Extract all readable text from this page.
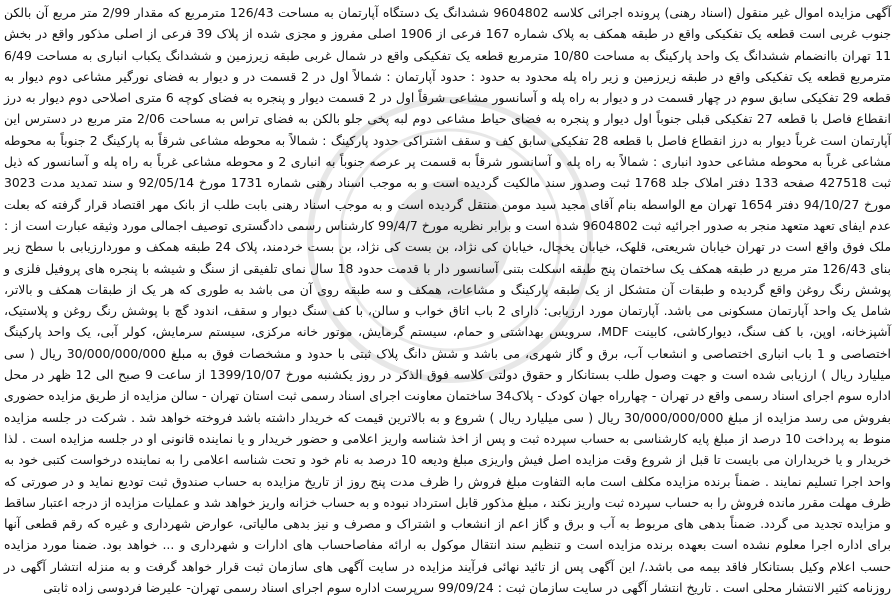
آگهی مزایده اموال غیر منقول (اسناد رهنی) پرونده اجرائی کلاسه 9604802 ششدانگ یک دستگاه آپارتمان به مساحت 126/43 مترمربع که مقدار 2/99 متر مربع آن بالکن جنوب غربی است قطعه یک تفکیکی واقع در طبقه همکف به پلاک شماره 167 فرعی از 1906 اصلی مفروز و مجزی شده از پلاک 39 فرعی از اصلی مذکور واقع در بخش 11 تهران باانضمام ششدانگ یک واحد پارکینگ به مساحت 10/80 مترمربع قطعه یک تفکیکی واقع در شمال غربی طبقه زیرزمین و ششدانگ یکباب انباری به مساحت 6/49 مترمربع قطعه یک تفکیکی واقع در طبقه زیرزمین و زیر راه پله محدود به حدود : حدود آپارتمان : شمالاً اول در 2 قسمت در و دیوار به فضای نورگیر مشاعی دوم دیوار به قطعه 29 تفکیکی سابق سوم در چهار قسمت در و دیوار به راه پله و آسانسور مشاعی شرقاً اول در 2 قسمت دیوار و پنجره به فضای کوچه 6 متری اصلاحی دوم دیوار به درز انقطاع فاصل با قطعه 27 تفکیکی قبلی جنوباً اول دیوار و پنجره به فضای حیاط مشاعی دوم لبه پخی جلو بالکن به فضای تراس به مساحت 2/06 متر مربع در دسترس این آپارتمان است غرباً دیوار به درز انقطاع فاصل با قطعه 28 تفکیکی سابق کف و سقف اشتراکی حدود پارکینگ : شمالاً به محوطه مشاعی شرقاً به پارکینگ 2 جنوباً به محوطه مشاعی غرباً به محوطه مشاعی حدود انباری : شمالاً به راه پله و آسانسور شرقاً به قسمت پر عرصه جنوباً به انباری 2 و محوطه مشاعی غرباً به راه پله و آسانسور که ذیل ثبت 427518 صفحه 133 دفتر املاک جلد 1768 ثبت وصدور سند مالکیت گردیده است و به موجب اسناد رهنی شماره 1731 مورخ 92/05/14 و سند تمدید مدت 3023 مورخ 94/10/27 دفتر 1654 تهران مع الواسطه بنام آقای مجید سید مومن منتقل گردیده است و به موجب اسناد رهنی بابت طلب از بانک مهر اقتصاد قرار گرفته که بعلت عدم ایفای تعهد متعهد منجر به صدور اجرائیه ثبت 9604802 شده است و برابر نظریه مورخ 99/4/7 کارشناس رسمی دادگستری توصیف اجمالی مورد وثیقه عبارت است از : ملک فوق واقع است در تهران خیابان شریعتی، قلهک، خیابان یخچال، خیابان کی نژاد، بن بست کی نژاد، بن بست خردمند، پلاک 24 طبقه همکف و موردارزیابی با سطح زیر بنای 126/43 متر مربع در طبقه همکف یک ساختمان پنج طبقه اسکلت بتنی آسانسور دار با قدمت حدود 18 سال نمای تلفیقی از سنگ و شیشه با پنجره های پروفیل فلزی و پوشش رنگ روغن واقع گردیده و طبقات آن متشکل از یک طبقه پارکینگ و مشاعات، همکف و سه طبقه روی آن می باشد به طوری که هر یک از طبقات همکف و بالاتر، شامل یک واحد آپارتمان مسکونی می باشد. آپارتمان مورد ارزیابی: دارای 2 باب اتاق خواب و سالن، با کف سنگ دیوار و سقف، اندود گچ با پوشش رنگ روغن و پلاستیک، آشپزخانه، اوپن، با کف سنگ، دیوارکاشی، کابینت MDF، سرویس بهداشتی و حمام، سیستم گرمایش، موتور خانه مرکزی، سیستم سرمایش، کولر آبی، یک واحد پارکینگ اختصاصی و 1 باب انباری اختصاصی و انشعاب آب، برق و گاز شهری، می باشد و شش دانگ پلاک ثبتی با حدود و مشخصات فوق به مبلغ 30/000/000/000 ریال ( سی میلیارد ریال ) ارزیابی شده است و جهت وصول طلب بستانکار و حقوق دولتی کلاسه فوق الذکر در روز یکشنبه مورخ 1399/10/07 از ساعت 9 صبح الی 12 ظهر در محل اداره سوم اجرای اسناد رسمی واقع در تهران - چهارراه جهان کودک - پلاک34 ساختمان معاونت اجرای اسناد رسمی ثبت استان تهران - سالن مزایده از طریق مزایده حضوری بفروش می رسد مزایده از مبلغ 30/000/000/000 ریال ( سی میلیارد ریال ) شروع و به بالاترین قیمت که خریدار داشته باشد فروخته خواهد شد . شرکت در جلسه مزایده منوط به پرداخت 10 درصد از مبلغ پایه کارشناسی به حساب سپرده ثبت و پس از اخذ شناسه واریز اعلامی و حضور خریدار و یا نماینده قانونی او در جلسه مزایده است . لذا خریدار و یا خریداران می بایست تا قبل از شروع وقت مزایده اصل فیش واریزی مبلغ ودیعه 10 درصد به نام خود و تحت شناسه اعلامی را به نماینده درخواست کتبی خود به واحد اجرا تسلیم نمایند . ضمناً برنده مزایده مکلف است مابه التفاوت مبلغ فروش را ظرف مدت پنج روز از تاریخ مزایده به حساب صندوق ثبت تودیع نماید و در صورتی که ظرف مهلت مقرر مانده فروش را به حساب سپرده ثبت واریز نکند ، مبلغ مذکور قابل استرداد نبوده و به حساب خزانه واریز خواهد شد و عملیات مزایده از درجه اعتبار ساقط و مزایده تجدید می گردد. ضمناً بدهی های مربوط به آب و برق و گاز اعم از انشعاب و اشتراک و مصرف و نیز بدهی مالیاتی، عوارض شهرداری و غیره که رقم قطعی آنها برای اداره اجرا معلوم نشده است بعهده برنده مزایده است و تنظیم سند انتقال موکول به ارائه مفاصاحساب های ادارات و شهرداری و ... خواهد بود. ضمنا مورد مزایده حسب اعلام وکیل بستانکار فاقد بیمه می باشد./ این آگهی پس از تائید نهائی فرآیند مزایده در سایت آگهی های سازمان ثبت قرار خواهد گرفت و به منزله انتشار آگهی در روزنامه کثیر الانتشار محلی است . تاریخ انتشار آگهی در سایت سازمان ثبت : 99/09/24 سرپرست اداره سوم اجرای اسناد رسمی تهران- علیرضا فردوسی زاده ثابتی
